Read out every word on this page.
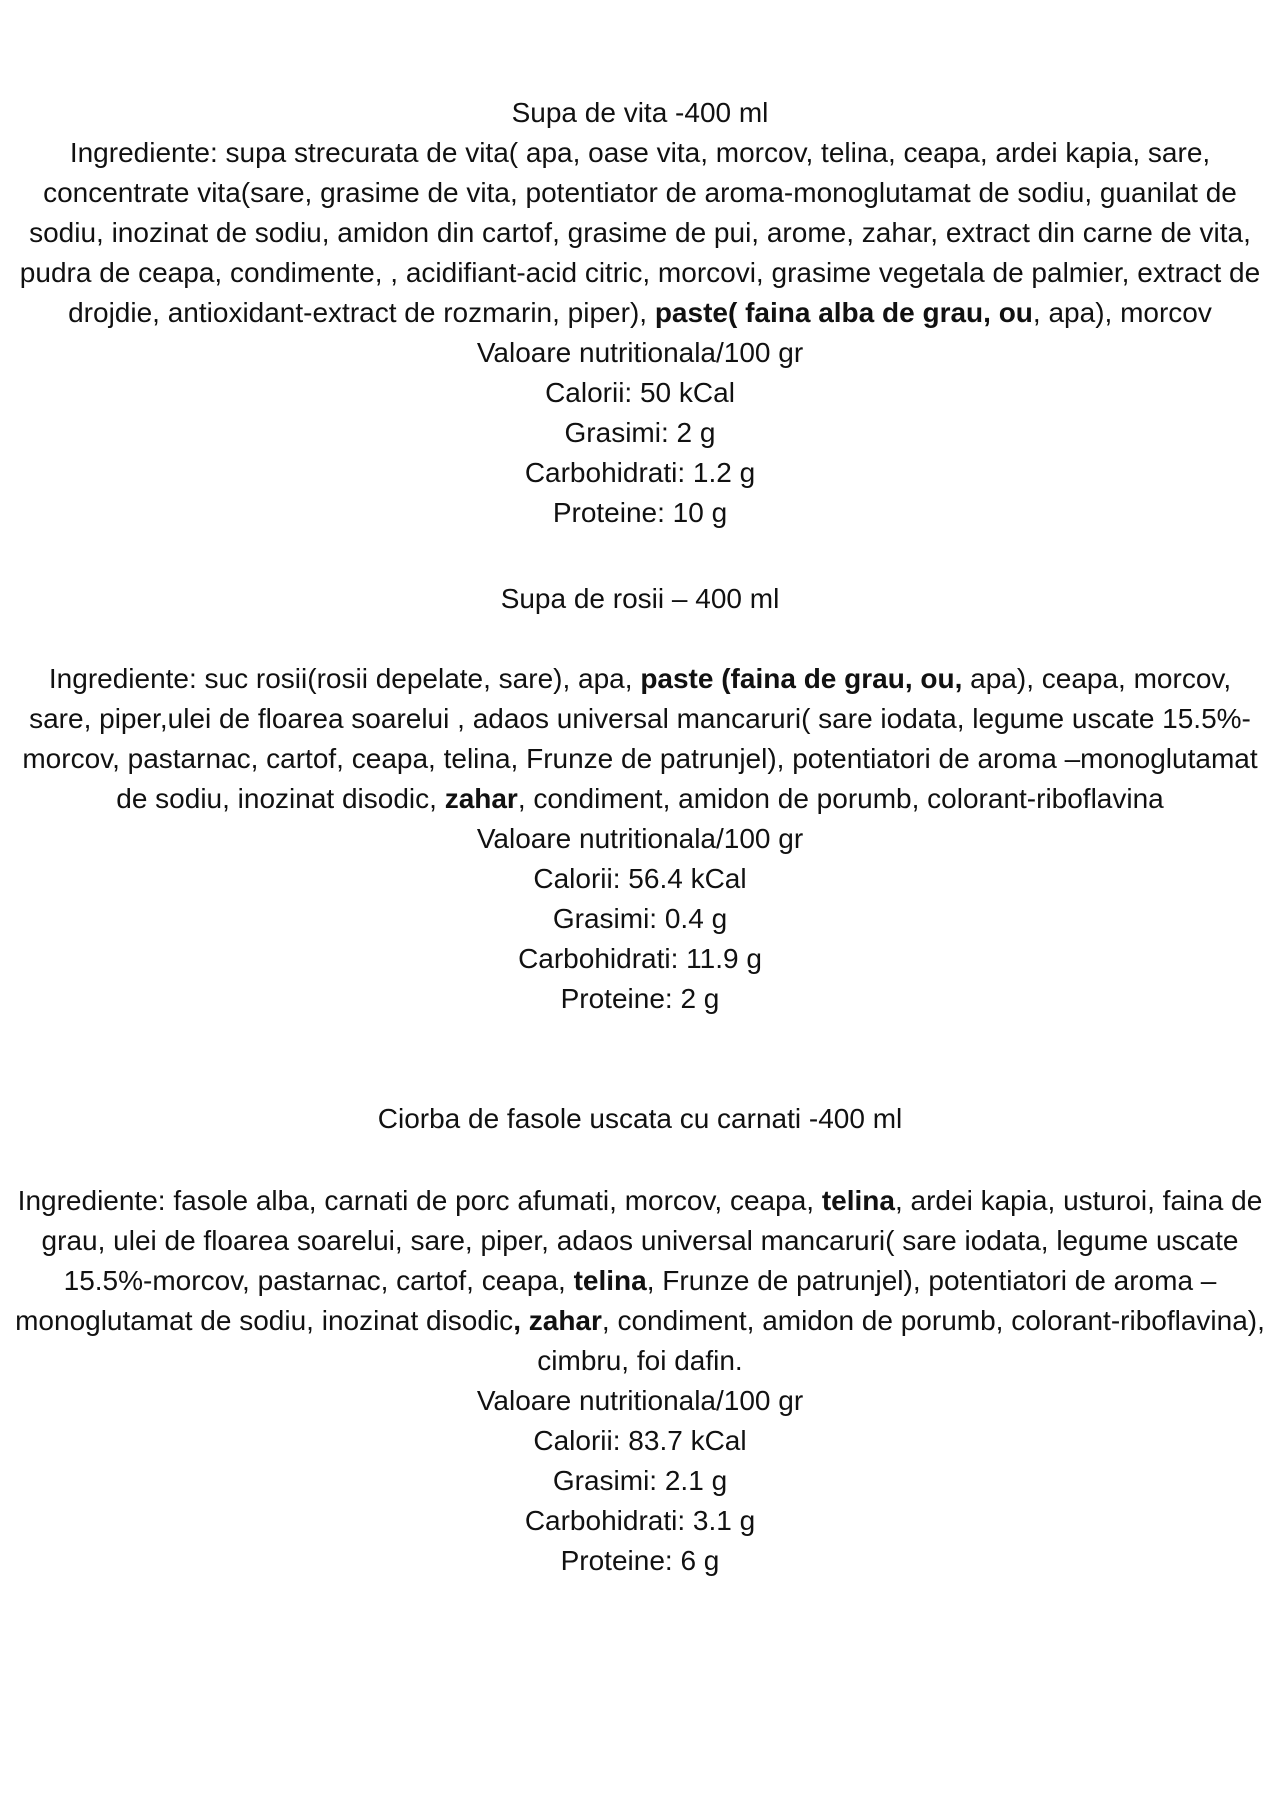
Supa de vita -400 ml
Ingrediente: supa strecurata de vita( apa, oase vita, morcov, telina, ceapa, ardei kapia, sare, concentrate vita(sare, grasime de vita, potentiator de aroma-monoglutamat de sodiu, guanilat de sodiu, inozinat de sodiu, amidon din cartof, grasime de pui, arome, zahar, extract din carne de vita, pudra de ceapa, condimente, , acidifiant-acid citric, morcovi, grasime vegetala de palmier, extract de drojdie, antioxidant-extract de rozmarin, piper), paste( faina alba de grau, ou, apa), morcov
Valoare nutritionala/100 gr
Calorii: 50 kCal
Grasimi: 2 g
Carbohidrati: 1.2 g
Proteine: 10 g
Supa de rosii – 400 ml
Ingrediente: suc rosii(rosii depelate, sare), apa, paste (faina de grau, ou, apa), ceapa, morcov, sare, piper,ulei de floarea soarelui , adaos universal mancaruri( sare iodata, legume uscate 15.5%-morcov, pastarnac, cartof, ceapa, telina, Frunze de patrunjel), potentiatori de aroma –monoglutamat de sodiu, inozinat disodic, zahar, condiment, amidon de porumb, colorant-riboflavina
Valoare nutritionala/100 gr
Calorii: 56.4 kCal
Grasimi: 0.4 g
Carbohidrati: 11.9 g
Proteine: 2 g
Ciorba de fasole uscata cu carnati -400 ml
Ingrediente: fasole alba, carnati de porc afumati, morcov, ceapa, telina, ardei kapia, usturoi, faina de grau, ulei de floarea soarelui, sare, piper, adaos universal mancaruri( sare iodata, legume uscate 15.5%-morcov, pastarnac, cartof, ceapa, telina, Frunze de patrunjel), potentiatori de aroma –monoglutamat de sodiu, inozinat disodic, zahar, condiment, amidon de porumb, colorant-riboflavina), cimbru, foi dafin.
Valoare nutritionala/100 gr
Calorii: 83.7 kCal
Grasimi: 2.1 g
Carbohidrati: 3.1 g
Proteine: 6 g
